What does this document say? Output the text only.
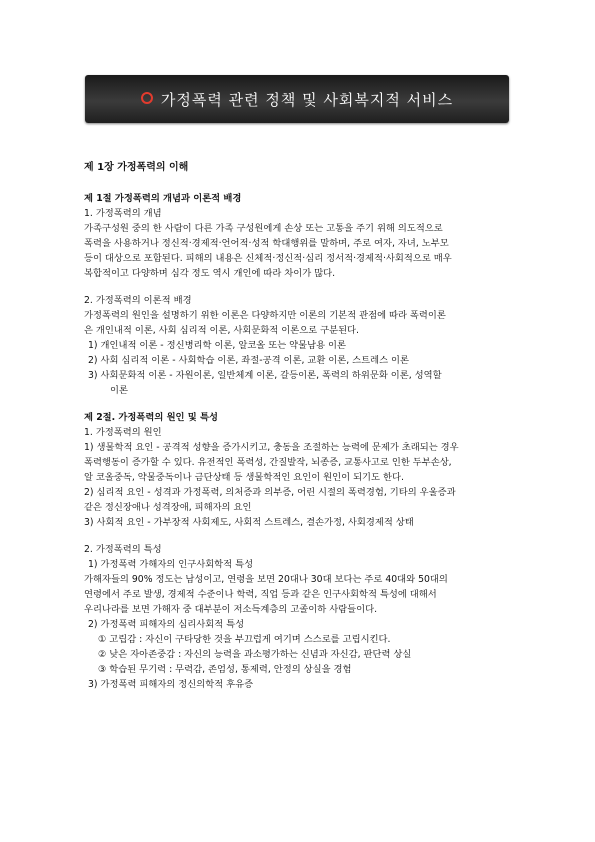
가정폭력 관련 정책 및 사회복지적 서비스
제 1장 가정폭력의 이해
제 1절 가정폭력의 개념과 이론적 배경
1. 가정폭력의 개념
가족구성원 중의 한 사람이 다른 가족 구성원에게 손상 또는 고통을 주기 위해 의도적으로
폭력을 사용하거나 정신적·경제적·언어적·성적 학대행위를 말하며, 주로 여자, 자녀, 노부모
등이 대상으로 포함된다. 피해의 내용은 신체적·정신적·심리 정서적·경제적·사회적으로 매우
복합적이고 다양하며 심각 정도 역시 개인에 따라 차이가 많다.
2. 가정폭력의 이론적 배경
가정폭력의 원인을 설명하기 위한 이론은 다양하지만 이론의 기본적 관점에 따라 폭력이론
은 개인내적 이론, 사회 심리적 이론, 사회문화적 이론으로 구분된다.
1) 개인내적 이론 - 정신병리학 이론, 알코올 또는 약물남용 이론
2) 사회 심리적 이론 - 사회학습 이론, 좌절-공격 이론, 교환 이론, 스트레스 이론
3) 사회문화적 이론 - 자원이론, 일반체계 이론, 갈등이론, 폭력의 하위문화 이론, 성역할
이론
제 2절. 가정폭력의 원인 및 특성
1. 가정폭력의 원인
1) 생물학적 요인 - 공격적 성향을 증가시키고, 충동을 조절하는 능력에 문제가 초래되는 경우
폭력행동이 증가할 수 있다. 유전적인 폭력성, 간질발작, 뇌종증, 교통사고로 인한 두부손상,
알 코올중독, 약물중독이나 금단상태 등 생물학적인 요인이 원인이 되기도 한다.
2) 심리적 요인 - 성격과 가정폭력, 의처증과 의부증, 어린 시절의 폭력경험, 기타의 우울증과
같은 정신장애나 성격장애, 피해자의 요인
3) 사회적 요인 - 가부장적 사회제도, 사회적 스트레스, 결손가정, 사회경제적 상태
2. 가정폭력의 특성
1) 가정폭력 가해자의 인구사회학적 특성
가해자들의 90% 정도는 남성이고, 연령을 보면 20대나 30대 보다는 주로 40대와 50대의
연령에서 주로 발생, 경제적 수준이나 학력, 직업 등과 같은 인구사회학적 특성에 대해서
우리나라를 보면 가해자 중 대부분이 저소득계층의 고졸이하 사람들이다.
2) 가정폭력 피해자의 심리사회적 특성
① 고립감 : 자신이 구타당한 것을 부끄럽게 여기며 스스로를 고립시킨다.
② 낮은 자아존중감 : 자신의 능력을 과소평가하는 신념과 자신감, 판단력 상실
③ 학습된 무기력 : 무력감, 존엄성, 통제력, 안정의 상실을 경험
3) 가정폭력 피해자의 정신의학적 후유증
